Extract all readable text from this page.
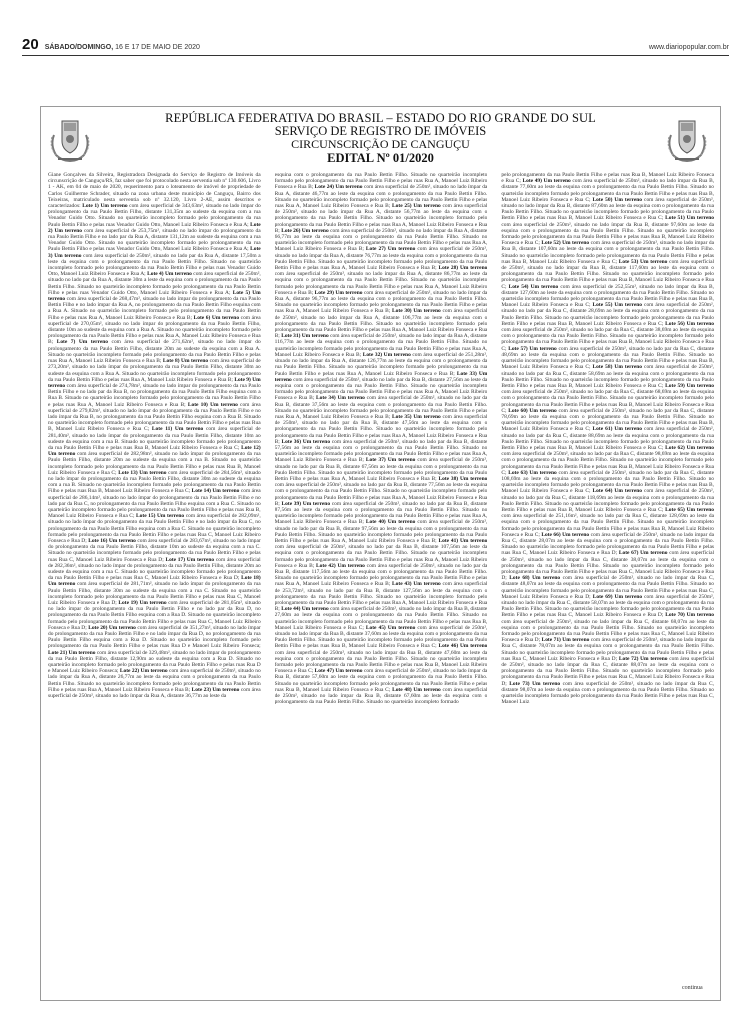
20 SÁBADO/DOMINGO, 16 E 17 DE MAIO DE 2020	www.diariopopular.com.br
REPÚBLICA FEDERATIVA DO BRASIL – ESTADO DO RIO GRANDE DO SUL
SERVIÇO DE REGISTRO DE IMÓVEIS
CIRCUNSCRIÇÃO DE CANGUÇU
EDITAL Nº 01/2020

Giane Gonçalves da Silveira, Registradora Designada do Serviço de Registro de Imóveis da circunscrição de Canguçu/RS, faz saber que foi protocolado nesta serventia sob nº 130.606, Livro 1 - AK, em 04 de maio de 2020, requerimento para o loteamento de imóvel de propriedade de Carlos Guilherme Schrader, situado na zona urbana deste município de Canguçu, Bairro dos Teixeiras, matriculado nesta serventia sob nº 32.120, Livro 2-AE, assim descritos e caracterizados: Lote 1) Um terreno com área superficial de 343,63m², situado no lado ímpar do prolongamento da rua Paulo Bettin Filho, distante 131,35m ao sudeste da esquina com a rua Venador Guido Otto. Situado no quarteirão incompleto formado pelo prolongamento da rua Paulo Bettin Filho e pelas ruas Venador Guido Otto, Manoel Luiz Ribeiro Fonseca e Rua A; Lote 2) Um terreno com área superficial de 253,75m², situado no lado ímpar do prolongamento da rua Paulo Bettin Filho e no lado par da Rua A, distante 131,12m ao sudeste da esquina com a rua Venador Guido Otto. Situado no quarteirão incompleto formado pelo prolongamento da rua Paulo Bettin Filho e pelas ruas Venador Guido Otto, Manoel Luiz Ribeiro Fonseca e Rua A; Lote 3) Um terreno com área superficial de 250m², situado no lado par da Rua A, distante 17,50m a leste da esquina com o prolongamento da rua Paulo Bettin Filho. Situado no quarteirão incompleto formado pelo prolongamento da rua Paulo Bettin Filho e pelas ruas Venador Guido Otto, Manoel Luiz Ribeiro Fonseca e Rua A; Lote 4) Um terreno com área superficial de 250m², situado no lado par da Rua A, distante 30m a leste da esquina com o prolongamento da rua Paulo Bettin Filho. Situado no quarteirão incompleto formado pelo prolongamento da rua Paulo Bettin Filho e pelas ruas Venador Guido Otto, Manoel Luiz Ribeiro Fonseca e Rua A; Lote 5) Um terreno com área superficial de 268,47m², situado no lado ímpar do prolongamento da rua Paulo Bettin Filho e no lado ímpar da Rua A, no prolongamento da rua Paulo Bettin Filho esquina com a Rua A. Situado no quarteirão incompleto formado pelo prolongamento da rua Paulo Bettin Filho e pelas ruas Rua A, Manoel Luiz Ribeiro Fonseca e Rua B; Lote 6) Um terreno com área superficial de 270,05m², situado no lado ímpar do prolongamento da rua Paulo Bettin Filho, distante 10m ao sudeste da esquina com a Rua A. Situado no quarteirão incompleto formado pelo prolongamento da rua Paulo Bettin Filho e pelas ruas Rua A, Manoel Luiz Ribeiro Fonseca e Rua B; Lote 7) Um terreno com área superficial de 271,62m², situado no lado ímpar do prolongamento da rua Paulo Bettin Filho, distante 20m ao sudeste da esquina com a Rua A. Situado no quarteirão incompleto formado pelo prolongamento da rua Paulo Bettin Filho e pelas ruas Rua A, Manoel Luiz Ribeiro Fonseca e Rua B; Lote 8) Um terreno com área superficial de 273,20m², situado no lado ímpar do prolongamento da rua Paulo Bettin Filho, distante 30m ao sudeste da esquina com a Rua A. Situado no quarteirão incompleto formado pelo prolongamento da rua Paulo Bettin Filho e pelas ruas Rua A, Manoel Luiz Ribeiro Fonseca e Rua B; Lote 9) Um terreno com área superficial de 274,78m², situado no lado ímpar do prolongamento da rua Paulo Bettin Filho e no lado par da Rua B, no prolongamento da rua Paulo Bettin Filho esquina com a Rua B. Situado no quarteirão incompleto formado pelo prolongamento da rua Paulo Bettin Filho e pelas ruas Rua A, Manoel Luiz Ribeiro Fonseca e Rua B; Lote 10) Um terreno com área superficial de 279,82m², situado no lado ímpar do prolongamento da rua Paulo Bettin Filho e no lado ímpar da Rua B, no prolongamento da rua Paulo Bettin Filho esquina com a Rua B. Situado no quarteirão incompleto formado pelo prolongamento da rua Paulo Bettin Filho e pelas ruas Rua B, Manoel Luiz Ribeiro Fonseca e Rua C; Lote 11) Um terreno com área superficial de 281,40m², situado no lado ímpar do prolongamento da rua Paulo Bettin Filho, distante 10m ao sudeste da esquina com a rua B. Situado no quarteirão incompleto formado pelo prolongamento da rua Paulo Bettin Filho e pelas ruas Rua B, Manoel Luiz Ribeiro Fonseca e Rua C; Lote 12) Um terreno com área superficial de 282,98m², situado no lado ímpar do prolongamento da rua Paulo Bettin Filho, distante 20m ao sudeste da esquina com a rua B. Situado no quarteirão incompleto formado pelo prolongamento da rua Paulo Bettin Filho e pelas ruas Rua B, Manoel Luiz Ribeiro Fonseca e Rua C; Lote 13) Um terreno com área superficial de 284,56m², situado no lado ímpar do prolongamento da rua Paulo Bettin Filho, distante 30m ao sudeste da esquina com a rua B. Situado no quarteirão incompleto formado pelo prolongamento da rua Paulo Bettin Filho e pelas ruas Rua B, Manoel Luiz Ribeiro Fonseca e Rua C; Lote 14) Um terreno com área superficial de 286,14m², situado no lado ímpar do prolongamento da rua Paulo Bettin Filho e no lado par da Rua C, no prolongamento da rua Paulo Bettin Filho esquina com a Rua C. Situado no quarteirão incompleto formado pelo prolongamento da rua Paulo Bettin Filho e pelas ruas Rua B, Manoel Luiz Ribeiro Fonseca e Rua C; Lote 15) Um terreno com área superficial de 282,09m², situado no lado ímpar do prolongamento da rua Paulo Bettin Filho e no lado ímpar da Rua C, no prolongamento da rua Paulo Bettin Filho esquina com a Rua C. Situado no quarteirão incompleto formado pelo prolongamento da rua Paulo Bettin Filho e pelas ruas Rua C, Manoel Luiz Ribeiro Fonseca e Rua D; Lote 16) Um terreno com área superficial de 283,67m², situado no lado ímpar do prolongamento da rua Paulo Bettin Filho, distante 10m ao sudeste da esquina com a rua C. Situado no quarteirão incompleto formado pelo prolongamento da rua Paulo Bettin Filho e pelas ruas Rua C, Manoel Luiz Ribeiro Fonseca e Rua D; Lote 17) Um terreno com área superficial de 282,36m², situado no lado ímpar do prolongamento da rua Paulo Bettin Filho, distante 20m ao sudeste da esquina com a rua C. Situado no quarteirão incompleto formado pelo prolongamento da rua Paulo Bettin Filho e pelas ruas Rua C, Manoel Luiz Ribeiro Fonseca e Rua D; Lote 18) Um terreno com área superficial de 281,71m², situado no lado ímpar do prolongamento da rua Paulo Bettin Filho, distante 30m ao sudeste da esquina com a rua C. Situado no quarteirão incompleto formado pelo prolongamento da rua Paulo Bettin Filho e pelas ruas Rua C, Manoel Luiz Ribeiro Fonseca e Rua D; Lote 19) Um terreno com área superficial de 281,05m², situado no lado ímpar do prolongamento da rua Paulo Bettin Filho e no lado par da Rua D, no prolongamento da rua Paulo Bettin Filho esquina com a Rua D. Situado no quarteirão incompleto formado pelo prolongamento da rua Paulo Bettin Filho e pelas ruas Rua C, Manoel Luiz Ribeiro Fonseca e Rua D; Lote 20) Um terreno com área superficial de 351,27m², situado no lado ímpar do prolongamento da rua Paulo Bettin Filho e no lado ímpar da Rua D, no prolongamento da rua Paulo Bettin Filho esquina com a Rua D. Situado no quarteirão incompleto formado pelo prolongamento da rua Paulo Bettin Filho e pelas ruas Rua D e Manoel Luiz Ribeiro Fonseca; Lote 21) Um terreno com área superficial de 329,48m², situado no lado ímpar do prolongamento da rua Paulo Bettin Filho, distante 12,90m ao sudeste da esquina com a Rua D. Situado no quarteirão incompleto formado pelo prolongamento da rua Paulo Bettin Filho e pelas ruas Rua D e Manoel Luiz Ribeiro Fonseca; Lote 22) Um terreno com área superficial de 250m², situado no lado ímpar da Rua A, distante 26,77m ao leste da esquina com o prolongamento da rua Paulo Bettin Filho. Situado no quarteirão incompleto formado pelo prolongamento da rua Paulo Bettin Filho e pelas ruas Rua A, Manoel Luiz Ribeiro Fonseca e Rua B; Lote 23) Um terreno com área superficial de 250m², situado no lado ímpar da Rua A, distante 36,77m ao leste da

esquina com o prolongamento da rua Paulo Bettin Filho. Situado no quarteirão incompleto formado pelo prolongamento da rua Paulo Bettin Filho e pelas ruas Rua A, Manoel Luiz Ribeiro Fonseca e Rua B; Lote 24) Um terreno com área superficial de 250m², situado no lado ímpar da Rua A, distante 46,77m ao leste da esquina com o prolongamento da rua Paulo Bettin Filho. Situado no quarteirão incompleto formado pelo prolongamento da rua Paulo Bettin Filho e pelas ruas Rua A, Manoel Luiz Ribeiro Fonseca e Rua B; Lote 25) Um terreno com área superficial de 250m², situado no lado ímpar da Rua A, distante 56,77m ao leste da esquina com o prolongamento da rua Paulo Bettin Filho. Situado no quarteirão incompleto formado pelo prolongamento da rua Paulo Bettin Filho e pelas ruas Rua A, Manoel Luiz Ribeiro Fonseca e Rua B; Lote 26) Um terreno com área superficial de 250m², situado no lado ímpar da Rua A, distante 66,77m ao leste da esquina com o prolongamento da rua Paulo Bettin Filho. Situado no quarteirão incompleto formado pelo prolongamento da rua Paulo Bettin Filho e pelas ruas Rua A, Manoel Luiz Ribeiro Fonseca e Rua B; Lote 27) Um terreno com área superficial de 250m², situado no lado ímpar da Rua A, distante 76,77m ao leste da esquina com o prolongamento da rua Paulo Bettin Filho. Situado no quarteirão incompleto formado pelo prolongamento da rua Paulo Bettin Filho e pelas ruas Rua A, Manoel Luiz Ribeiro Fonseca e Rua B; Lote 28) Um terreno com área superficial de 250m², situado no lado ímpar da Rua A, distante 86,77m ao leste da esquina com o prolongamento da rua Paulo Bettin Filho. Situado no quarteirão incompleto formado pelo prolongamento da rua Paulo Bettin Filho e pelas ruas Rua A, Manoel Luiz Ribeiro Fonseca e Rua B; Lote 29) Um terreno com área superficial de 250m², situado no lado ímpar da Rua A, distante 96,77m ao leste da esquina com o prolongamento da rua Paulo Bettin Filho. Situado no quarteirão incompleto formado pelo prolongamento da rua Paulo Bettin Filho e pelas ruas Rua A, Manoel Luiz Ribeiro Fonseca e Rua B; Lote 30) Um terreno com área superficial de 250m², situado no lado ímpar da Rua A, distante 106,77m ao leste da esquina com o prolongamento da rua Paulo Bettin Filho. Situado no quarteirão incompleto formado pelo prolongamento da rua Paulo Bettin Filho e pelas ruas Rua A, Manoel Luiz Ribeiro Fonseca e Rua B; Lote 31) Um terreno com área superficial de 250m², situado no lado ímpar da Rua A, distante 116,77m ao leste da esquina com o prolongamento da rua Paulo Bettin Filho. Situado no quarteirão incompleto formado pelo prolongamento da rua Paulo Bettin Filho e pelas ruas Rua A, Manoel Luiz Ribeiro Fonseca e Rua B; Lote 32) Um terreno com área superficial de 251,28m², situado no lado ímpar da Rua A, distante 126,77m ao leste da esquina com o prolongamento da rua Paulo Bettin Filho. Situado no quarteirão incompleto formado pelo prolongamento da rua Paulo Bettin Filho e pelas ruas Rua A, Manoel Luiz Ribeiro Fonseca e Rua B; Lote 33) Um terreno com área superficial de 250m², situado no lado par da Rua B, distante 27,56m ao leste da esquina com o prolongamento da rua Paulo Bettin Filho. Situado no quarteirão incompleto formado pelo prolongamento da rua Paulo Bettin Filho e pelas ruas Rua A, Manoel Luiz Ribeiro Fonseca e Rua B; Lote 34) Um terreno com área superficial de 250m², situado no lado par da Rua B, distante 37,56m ao leste da esquina com o prolongamento da rua Paulo Bettin Filho. Situado no quarteirão incompleto formado pelo prolongamento da rua Paulo Bettin Filho e pelas ruas Rua A, Manoel Luiz Ribeiro Fonseca e Rua B; Lote 35) Um terreno com área superficial de 250m², situado no lado par da Rua B, distante 47,56m ao leste da esquina com o prolongamento da rua Paulo Bettin Filho. Situado no quarteirão incompleto formado pelo prolongamento da rua Paulo Bettin Filho e pelas ruas Rua A, Manoel Luiz Ribeiro Fonseca e Rua B; Lote 36) Um terreno com área superficial de 250m², situado no lado par da Rua B, distante 57,56m ao leste da esquina com o prolongamento da rua Paulo Bettin Filho. Situado no quarteirão incompleto formado pelo prolongamento da rua Paulo Bettin Filho e pelas ruas Rua A, Manoel Luiz Ribeiro Fonseca e Rua B; Lote 37) Um terreno com área superficial de 250m², situado no lado par da Rua B, distante 67,56m ao leste da esquina com o prolongamento da rua Paulo Bettin Filho. Situado no quarteirão incompleto formado pelo prolongamento da rua Paulo Bettin Filho e pelas ruas Rua A, Manoel Luiz Ribeiro Fonseca e Rua B; Lote 38) Um terreno com área superficial de 250m², situado no lado par da Rua B, distante 77,56m ao leste da esquina com o prolongamento da rua Paulo Bettin Filho. Situado no quarteirão incompleto formado pelo prolongamento da rua Paulo Bettin Filho e pelas ruas Rua A, Manoel Luiz Ribeiro Fonseca e Rua B; Lote 39) Um terreno com área superficial de 250m², situado no lado par da Rua B, distante 87,56m ao leste da esquina com o prolongamento da rua Paulo Bettin Filho. Situado no quarteirão incompleto formado pelo prolongamento da rua Paulo Bettin Filho e pelas ruas Rua A, Manoel Luiz Ribeiro Fonseca e Rua B; Lote 40) Um terreno com área superficial de 250m², situado no lado par da Rua B, distante 97,56m ao leste da esquina com o prolongamento da rua Paulo Bettin Filho. Situado no quarteirão incompleto formado pelo prolongamento da rua Paulo Bettin Filho e pelas ruas Rua A, Manoel Luiz Ribeiro Fonseca e Rua B; Lote 41) Um terreno com área superficial de 250m², situado no lado par da Rua B, distante 107,56m ao leste da esquina com o prolongamento da rua Paulo Bettin Filho. Situado no quarteirão incompleto formado pelo prolongamento da rua Paulo Bettin Filho e pelas ruas Rua A, Manoel Luiz Ribeiro Fonseca e Rua B; Lote 42) Um terreno com área superficial de 250m², situado no lado par da Rua B, distante 117,56m ao leste da esquina com o prolongamento da rua Paulo Bettin Filho. Situado no quarteirão incompleto formado pelo prolongamento da rua Paulo Bettin Filho e pelas ruas Rua A, Manoel Luiz Ribeiro Fonseca e Rua B; Lote 43) Um terreno com área superficial de 253,72m², situado no lado par da Rua B, distante 127,56m ao leste da esquina com o prolongamento da rua Paulo Bettin Filho. Situado no quarteirão incompleto formado pelo prolongamento da rua Paulo Bettin Filho e pelas ruas Rua A, Manoel Luiz Ribeiro Fonseca e Rua B; Lote 44) Um terreno com área superficial de 250m², situado no lado ímpar da Rua B, distante 27,60m ao leste da esquina com o prolongamento da rua Paulo Bettin Filho. Situado no quarteirão incompleto formado pelo prolongamento da rua Paulo Bettin Filho e pelas ruas Rua B, Manoel Luiz Ribeiro Fonseca e Rua C; Lote 45) Um terreno com área superficial de 250m², situado no lado ímpar da Rua B, distante 37,60m ao leste da esquina com o prolongamento da rua Paulo Bettin Filho. Situado no quarteirão incompleto formado pelo prolongamento da rua Paulo Bettin Filho e pelas ruas Rua B, Manoel Luiz Ribeiro Fonseca e Rua C; Lote 46) Um terreno com área superficial de 250m², situado no lado ímpar da Rua B, distante 47,60m ao leste da esquina com o prolongamento da rua Paulo Bettin Filho. Situado no quarteirão incompleto formado pelo prolongamento da rua Paulo Bettin Filho e pelas ruas Rua B, Manoel Luiz Ribeiro Fonseca e Rua C; Lote 47) Um terreno com área superficial de 250m², situado no lado ímpar da Rua B, distante 57,60m ao leste da esquina com o prolongamento da rua Paulo Bettin Filho. Situado no quarteirão incompleto formado pelo prolongamento da rua Paulo Bettin Filho e pelas ruas Rua B, Manoel Luiz Ribeiro Fonseca e Rua C; Lote 48) Um terreno com área superficial de 250m², situado no lado ímpar da Rua B, distante 67,60m ao leste da esquina com o prolongamento da rua Paulo Bettin Filho. Situado no quarteirão incompleto formado

pelo prolongamento da rua Paulo Bettin Filho e pelas ruas Rua B, Manoel Luiz Ribeiro Fonseca e Rua C; Lote 49) Um terreno com área superficial de 250m², situado no lado ímpar da Rua B, distante 77,60m ao leste da esquina com o prolongamento da rua Paulo Bettin Filho. Situado no quarteirão incompleto formado pelo prolongamento da rua Paulo Bettin Filho e pelas ruas Rua B, Manoel Luiz Ribeiro Fonseca e Rua C; Lote 50) Um terreno com área superficial de 250m², situado no lado ímpar da Rua B, distante 87,60m ao leste da esquina com o prolongamento da rua Paulo Bettin Filho. Situado no quarteirão incompleto formado pelo prolongamento da rua Paulo Bettin Filho e pelas ruas Rua B, Manoel Luiz Ribeiro Fonseca e Rua C; Lote 51) Um terreno com área superficial de 250m², situado no lado ímpar da Rua B, distante 97,60m ao leste da esquina com o prolongamento da rua Paulo Bettin Filho. Situado no quarteirão incompleto formado pelo prolongamento da rua Paulo Bettin Filho e pelas ruas Rua B, Manoel Luiz Ribeiro Fonseca e Rua C; Lote 52) Um terreno com área superficial de 250m², situado no lado ímpar da Rua B, distante 107,60m ao leste da esquina com o prolongamento da rua Paulo Bettin Filho. Situado no quarteirão incompleto formado pelo prolongamento da rua Paulo Bettin Filho e pelas ruas Rua B, Manoel Luiz Ribeiro Fonseca e Rua C; Lote 53) Um terreno com área superficial de 250m², situado no lado ímpar da Rua B, distante 117,60m ao leste da esquina com o prolongamento da rua Paulo Bettin Filho. Situado no quarteirão incompleto formado pelo prolongamento da rua Paulo Bettin Filho e pelas ruas Rua B, Manoel Luiz Ribeiro Fonseca e Rua C; Lote 54) Um terreno com área superficial de 252,55m², situado no lado ímpar da Rua B, distante 127,60m ao leste da esquina com o prolongamento da rua Paulo Bettin Filho. Situado no quarteirão incompleto formado pelo prolongamento da rua Paulo Bettin Filho e pelas ruas Rua B, Manoel Luiz Ribeiro Fonseca e Rua C; Lote 55) Um terreno com área superficial de 250m², situado no lado par da Rua C, distante 28,69m ao leste da esquina com o prolongamento da rua Paulo Bettin Filho. Situado no quarteirão incompleto formado pelo prolongamento da rua Paulo Bettin Filho e pelas ruas Rua B, Manoel Luiz Ribeiro Fonseca e Rua C; Lote 56) Um terreno com área superficial de 250m², situado no lado par da Rua C, distante 38,69m ao leste da esquina com o prolongamento da rua Paulo Bettin Filho. Situado no quarteirão incompleto formado pelo prolongamento da rua Paulo Bettin Filho e pelas ruas Rua B, Manoel Luiz Ribeiro Fonseca e Rua C; Lote 57) Um terreno com área superficial de 250m², situado no lado par da Rua C, distante 48,69m ao leste da esquina com o prolongamento da rua Paulo Bettin Filho. Situado no quarteirão incompleto formado pelo prolongamento da rua Paulo Bettin Filho e pelas ruas Rua B, Manoel Luiz Ribeiro Fonseca e Rua C; Lote 58) Um terreno com área superficial de 250m², situado no lado par da Rua C, distante 58,69m ao leste da esquina com o prolongamento da rua Paulo Bettin Filho. Situado no quarteirão incompleto formado pelo prolongamento da rua Paulo Bettin Filho e pelas ruas Rua B, Manoel Luiz Ribeiro Fonseca e Rua C; Lote 59) Um terreno com área superficial de 250m², situado no lado par da Rua C, distante 68,69m ao leste da esquina com o prolongamento da rua Paulo Bettin Filho. Situado no quarteirão incompleto formado pelo prolongamento da rua Paulo Bettin Filho e pelas ruas Rua B, Manoel Luiz Ribeiro Fonseca e Rua C; Lote 60) Um terreno com área superficial de 250m², situado no lado par da Rua C, distante 78,69m ao leste da esquina com o prolongamento da rua Paulo Bettin Filho. Situado no quarteirão incompleto formado pelo prolongamento da rua Paulo Bettin Filho e pelas ruas Rua B, Manoel Luiz Ribeiro Fonseca e Rua C; Lote 61) Um terreno com área superficial de 250m², situado no lado par da Rua C, distante 88,69m ao leste da esquina com o prolongamento da rua Paulo Bettin Filho. Situado no quarteirão incompleto formado pelo prolongamento da rua Paulo Bettin Filho e pelas ruas Rua B, Manoel Luiz Ribeiro Fonseca e Rua C; Lote 62) Um terreno com área superficial de 250m², situado no lado par da Rua C, distante 98,69m ao leste da esquina com o prolongamento da rua Paulo Bettin Filho. Situado no quarteirão incompleto formado pelo prolongamento da rua Paulo Bettin Filho e pelas ruas Rua B, Manoel Luiz Ribeiro Fonseca e Rua C; Lote 63) Um terreno com área superficial de 250m², situado no lado par da Rua C, distante 108,69m ao leste da esquina com o prolongamento da rua Paulo Bettin Filho. Situado no quarteirão incompleto formado pelo prolongamento da rua Paulo Bettin Filho e pelas ruas Rua B, Manoel Luiz Ribeiro Fonseca e Rua C; Lote 64) Um terreno com área superficial de 250m², situado no lado par da Rua C, distante 118,69m ao leste da esquina com o prolongamento da rua Paulo Bettin Filho. Situado no quarteirão incompleto formado pelo prolongamento da rua Paulo Bettin Filho e pelas ruas Rua B, Manoel Luiz Ribeiro Fonseca e Rua C; Lote 65) Um terreno com área superficial de 251,16m², situado no lado par da Rua C, distante 128,69m ao leste da esquina com o prolongamento da rua Paulo Bettin Filho. Situado no quarteirão incompleto formado pelo prolongamento da rua Paulo Bettin Filho e pelas ruas Rua B, Manoel Luiz Ribeiro Fonseca e Rua C; Lote 66) Um terreno com área superficial de 250m², situado no lado ímpar da Rua C, distante 28,07m ao leste da esquina com o prolongamento da rua Paulo Bettin Filho. Situado no quarteirão incompleto formado pelo prolongamento da rua Paulo Bettin Filho e pelas ruas Rua C, Manoel Luiz Ribeiro Fonseca e Rua D; Lote 67) Um terreno com área superficial de 250m², situado no lado ímpar da Rua C, distante 38,07m ao leste da esquina com o prolongamento da rua Paulo Bettin Filho. Situado no quarteirão incompleto formado pelo prolongamento da rua Paulo Bettin Filho e pelas ruas Rua C, Manoel Luiz Ribeiro Fonseca e Rua D; Lote 68) Um terreno com área superficial de 250m², situado no lado ímpar da Rua C, distante 48,07m ao leste da esquina com o prolongamento da rua Paulo Bettin Filho. Situado no quarteirão incompleto formado pelo prolongamento da rua Paulo Bettin Filho e pelas ruas Rua C, Manoel Luiz Ribeiro Fonseca e Rua D; Lote 69) Um terreno com área superficial de 250m², situado no lado ímpar da Rua C, distante 58,07m ao leste da esquina com o prolongamento da rua Paulo Bettin Filho. Situado no quarteirão incompleto formado pelo prolongamento da rua Paulo Bettin Filho e pelas ruas Rua C, Manoel Luiz Ribeiro Fonseca e Rua D; Lote 70) Um terreno com área superficial de 250m², situado no lado ímpar da Rua C, distante 68,07m ao leste da esquina com o prolongamento da rua Paulo Bettin Filho. Situado no quarteirão incompleto formado pelo prolongamento da rua Paulo Bettin Filho e pelas ruas Rua C, Manoel Luiz Ribeiro Fonseca e Rua D; Lote 71) Um terreno com área superficial de 250m², situado no lado ímpar da Rua C, distante 78,07m ao leste da esquina com o prolongamento da rua Paulo Bettin Filho. Situado no quarteirão incompleto formado pelo prolongamento da rua Paulo Bettin Filho e pelas ruas Rua C, Manoel Luiz Ribeiro Fonseca e Rua D; Lote 72) Um terreno com área superficial de 250m², situado no lado ímpar da Rua C, distante 88,07m ao leste da esquina com o prolongamento da rua Paulo Bettin Filho. Situado no quarteirão incompleto formado pelo prolongamento da rua Paulo Bettin Filho e pelas ruas Rua C, Manoel Luiz Ribeiro Fonseca e Rua D; Lote 73) Um terreno com área superficial de 250m², situado no lado ímpar da Rua C, distante 98,07m ao leste da esquina com o prolongamento da rua Paulo Bettin Filho. Situado no quarteirão incompleto formado pelo prolongamento da rua Paulo Bettin Filho e pelas ruas Rua C, Manoel Luiz

continua
